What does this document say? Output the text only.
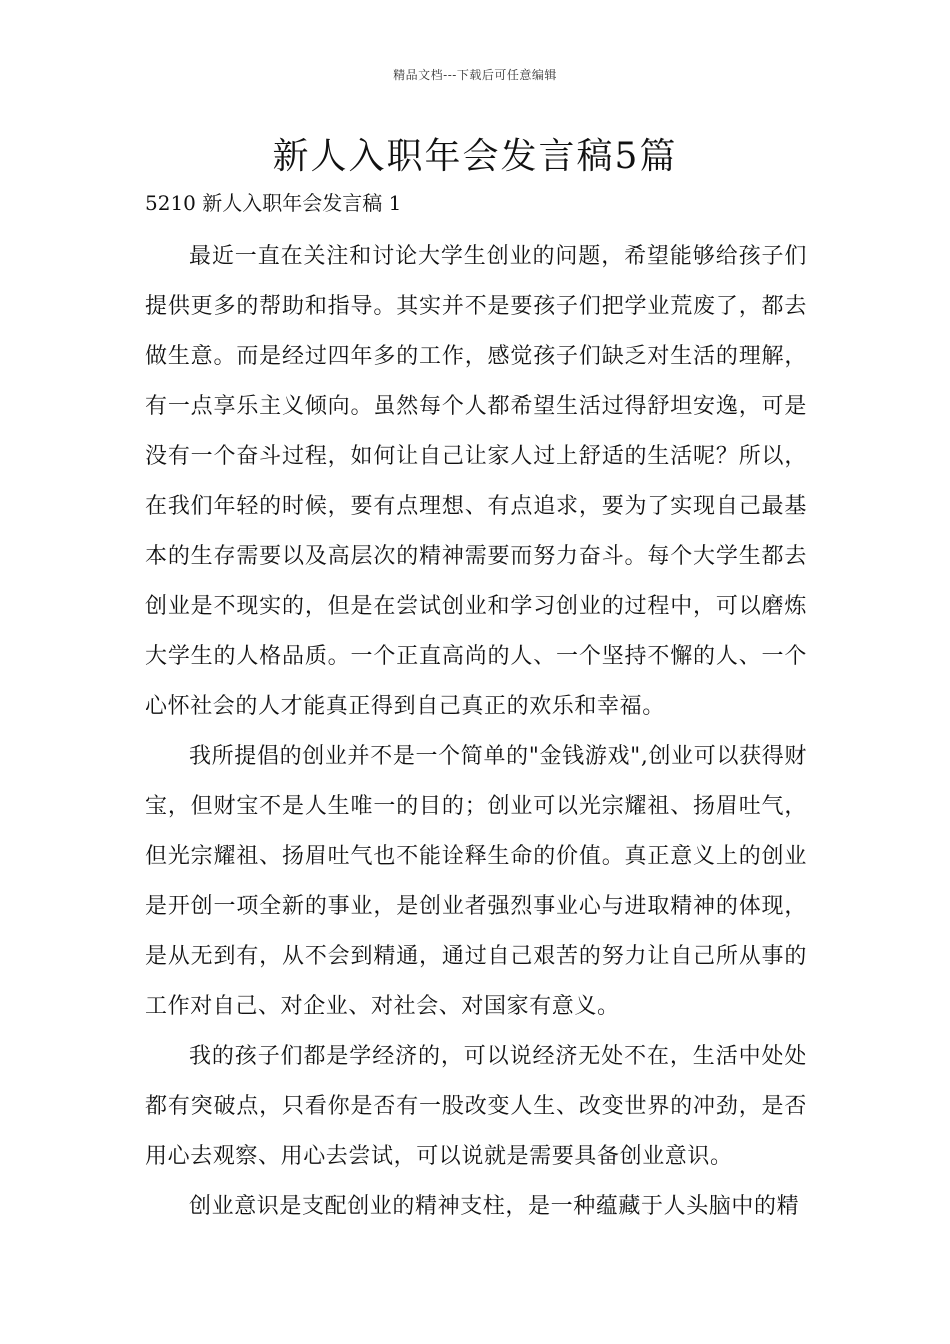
精品文档---下载后可任意编辑
新人入职年会发言稿5篇
5210 新人入职年会发言稿 1

最近一直在关注和讨论大学生创业的问题，希望能够给孩子们提供更多的帮助和指导。其实并不是要孩子们把学业荒废了，都去做生意。而是经过四年多的工作，感觉孩子们缺乏对生活的理解，有一点享乐主义倾向。虽然每个人都希望生活过得舒坦安逸，可是没有一个奋斗过程，如何让自己让家人过上舒适的生活呢？所以，在我们年轻的时候，要有点理想、有点追求，要为了实现自己最基本的生存需要以及高层次的精神需要而努力奋斗。每个大学生都去创业是不现实的，但是在尝试创业和学习创业的过程中，可以磨炼大学生的人格品质。一个正直高尚的人、一个坚持不懈的人、一个心怀社会的人才能真正得到自己真正的欢乐和幸福。

我所提倡的创业并不是一个简单的"金钱游戏",创业可以获得财宝，但财宝不是人生唯一的目的；创业可以光宗耀祖、扬眉吐气，但光宗耀祖、扬眉吐气也不能诠释生命的价值。真正意义上的创业是开创一项全新的事业，是创业者强烈事业心与进取精神的体现，是从无到有，从不会到精通，通过自己艰苦的努力让自己所从事的工作对自己、对企业、对社会、对国家有意义。

我的孩子们都是学经济的，可以说经济无处不在，生活中处处都有突破点，只看你是否有一股改变人生、改变世界的冲劲，是否用心去观察、用心去尝试，可以说就是需要具备创业意识。

创业意识是支配创业的精神支柱，是一种蕴藏于人头脑中的精
